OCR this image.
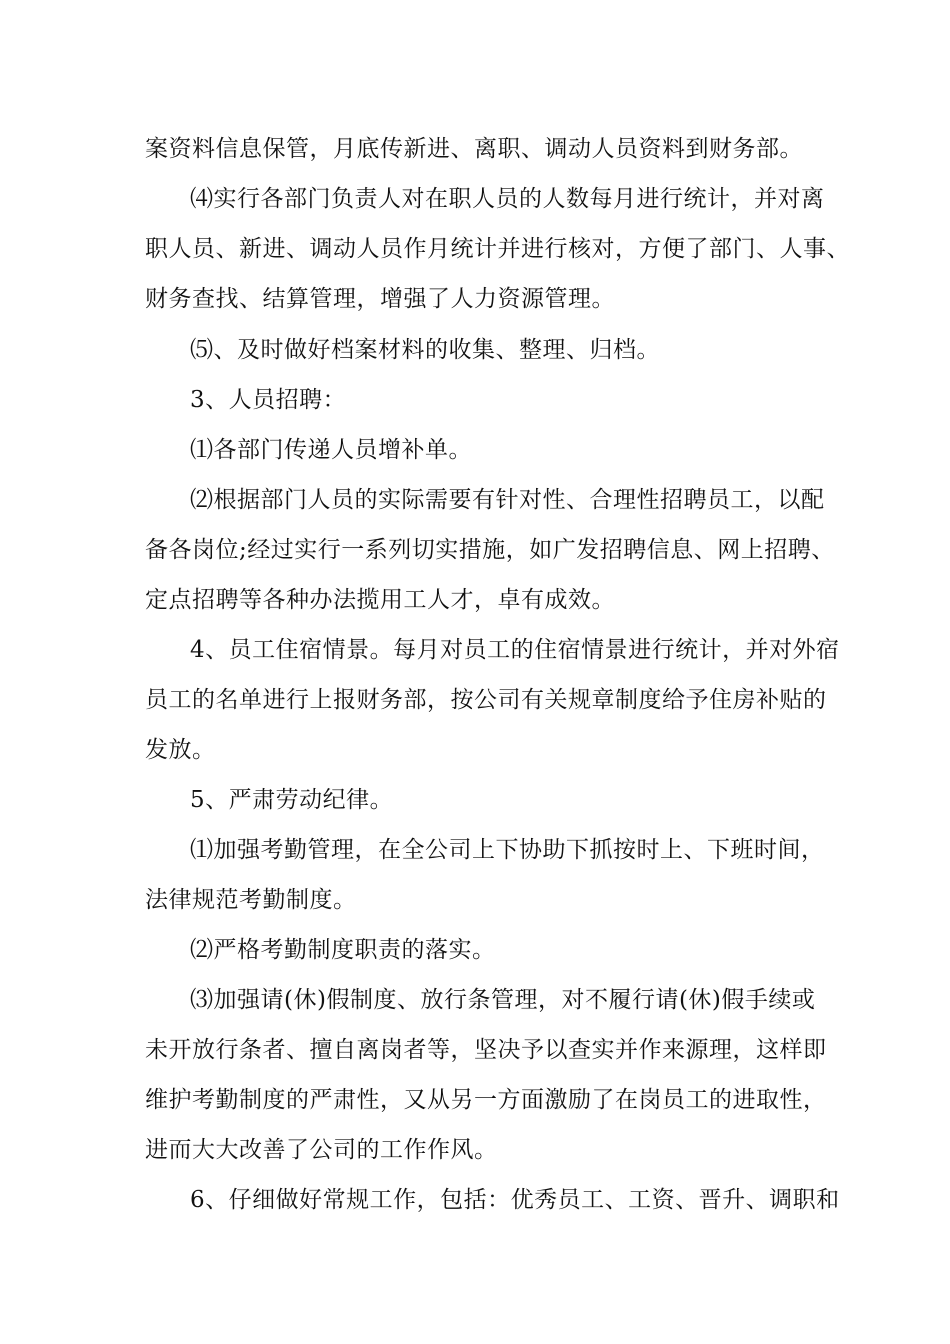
案资料信息保管，月底传新进、离职、调动人员资料到财务部。
⑷实行各部门负责人对在职人员的人数每月进行统计，并对离
职人员、新进、调动人员作月统计并进行核对，方便了部门、人事、
财务查找、结算管理，增强了人力资源管理。
⑸、及时做好档案材料的收集、整理、归档。
3、人员招聘：
⑴各部门传递人员增补单。
⑵根据部门人员的实际需要有针对性、合理性招聘员工，以配
备各岗位;经过实行一系列切实措施，如广发招聘信息、网上招聘、
定点招聘等各种办法揽用工人才，卓有成效。
4、员工住宿情景。每月对员工的住宿情景进行统计，并对外宿
员工的名单进行上报财务部，按公司有关规章制度给予住房补贴的
发放。
5、严肃劳动纪律。
⑴加强考勤管理，在全公司上下协助下抓按时上、下班时间，
法律规范考勤制度。
⑵严格考勤制度职责的落实。
⑶加强请(休)假制度、放行条管理，对不履行请(休)假手续或
未开放行条者、擅自离岗者等，坚决予以查实并作来源理，这样即
维护考勤制度的严肃性，又从另一方面激励了在岗员工的进取性，
进而大大改善了公司的工作作风。
6、仔细做好常规工作，包括：优秀员工、工资、晋升、调职和
